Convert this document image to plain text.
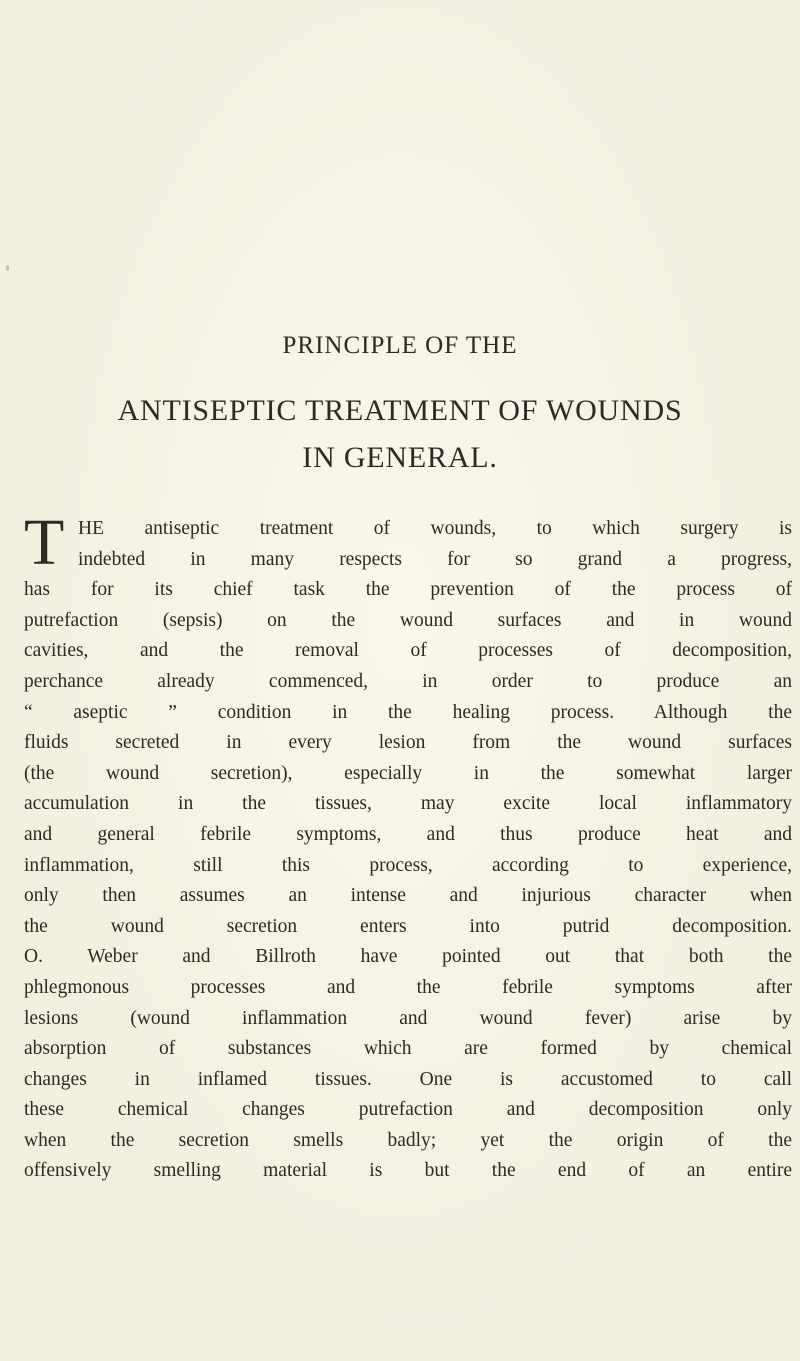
PRINCIPLE OF THE
ANTISEPTIC TREATMENT OF WOUNDS
IN GENERAL.
T HE antiseptic treatment of wounds, to which surgery is
indebted in many respects for so grand a progress,
has for its chief task the prevention of the process of
putrefaction (sepsis) on the wound surfaces and in wound
cavities, and the removal of processes of decomposition,
perchance already commenced, in order to produce an
“ aseptic ” condition in the healing process. Although the
fluids secreted in every lesion from the wound surfaces
(the wound secretion), especially in the somewhat larger
accumulation in the tissues, may excite local inflammatory
and general febrile symptoms, and thus produce heat and
inflammation, still this process, according to experience,
only then assumes an intense and injurious character when
the wound secretion enters into putrid decomposition.
O. Weber and Billroth have pointed out that both the
phlegmonous processes and the febrile symptoms after
lesions (wound inflammation and wound fever) arise by
absorption of substances which are formed by chemical
changes in inflamed tissues. One is accustomed to call
these chemical changes putrefaction and decomposition only
when the secretion smells badly; yet the origin of the
offensively smelling material is but the end of an entire
